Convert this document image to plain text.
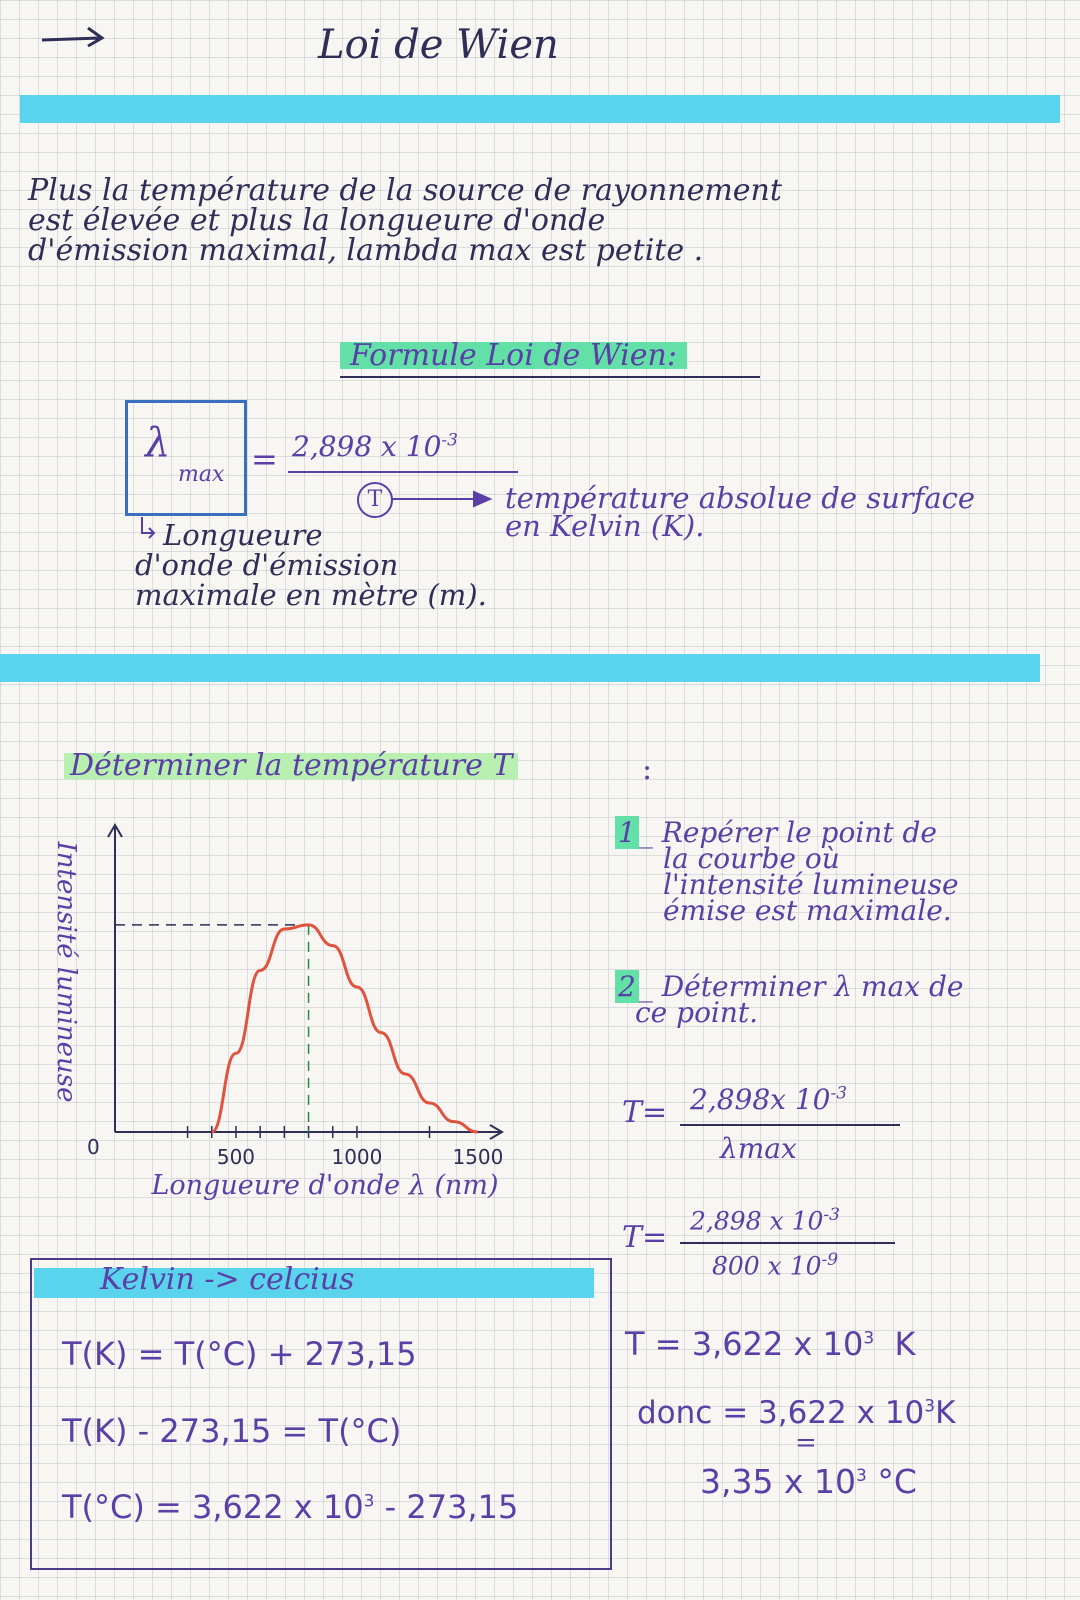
Loi de Wien
Plus la température de la source de rayonnement
est élevée et plus la longueure d'onde
d'émission maximal, lambda max est petite .
Formule Loi de Wien:
λ
max = 2,898 x $10^{-3}$
T	température absolue de surface
en Kelvin (K).
Longueure
d'onde d'émission
maximale en mètre (m).
Déterminer la température T	:
500	1000	1500
0
Intensité lumineuse
Longueure d'onde λ (nm)
1 _ Repérer le point de
la courbe où
l'intensité lumineuse
émise est maximale.
2 _ Déterminer λ max de
ce point.
T= 2,898x $10^{-3}$
λmax
T= 2,898 x $10^{-3}$
800 x $10^{-9}$
T = 3,622 x $10^3$ K
donc = 3,622 x $10^3K$
=
3,35 x $10^3$ °C
Kelvin -> celcius
T(K) = T(°C) + 273,15
T(K) - 273,15 = T(°C)
T(°C) = 3,622 x $10^3 - 273,15$
